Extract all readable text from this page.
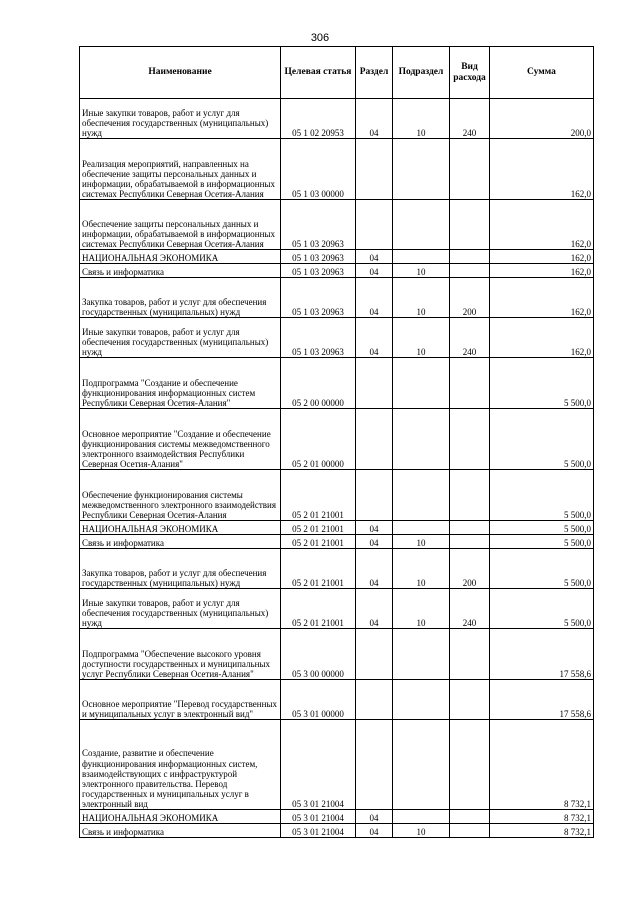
306
Наименование	Целевая статья	Раздел	Подраздел	Вид расхода	Сумма
Иные закупки товаров, работ и услуг для обеспечения государственных (муниципальных) нужд	05 1 02 20953	04	10	240	200,0
Реализация мероприятий, направленных на обеспечение защиты персональных данных и информации, обрабатываемой в информационных системах Республики Северная Осетия-Алания	05 1 03 00000				162,0
Обеспечение защиты персональных данных и информации, обрабатываемой в информационных системах Республики Северная Осетия-Алания	05 1 03 20963				162,0
НАЦИОНАЛЬНАЯ ЭКОНОМИКА	05 1 03 20963	04			162,0
Связь и информатика	05 1 03 20963	04	10		162,0
Закупка товаров, работ и услуг для обеспечения государственных (муниципальных) нужд	05 1 03 20963	04	10	200	162,0
Иные закупки товаров, работ и услуг для обеспечения государственных (муниципальных) нужд	05 1 03 20963	04	10	240	162,0
Подпрограмма "Создание и обеспечение функционирования информационных систем Республики Северная Осетия-Алания"	05 2 00 00000				5 500,0
Основное мероприятие "Создание и обеспечение функционирования системы межведомственного электронного взаимодействия Республики Северная Осетия-Алания"	05 2 01 00000				5 500,0
Обеспечение функционирования системы межведомственного электронного взаимодействия Республики Северная Осетия-Алания	05 2 01 21001				5 500,0
НАЦИОНАЛЬНАЯ ЭКОНОМИКА	05 2 01 21001	04			5 500,0
Связь и информатика	05 2 01 21001	04	10		5 500,0
Закупка товаров, работ и услуг для обеспечения государственных (муниципальных) нужд	05 2 01 21001	04	10	200	5 500,0
Иные закупки товаров, работ и услуг для обеспечения государственных (муниципальных) нужд	05 2 01 21001	04	10	240	5 500,0
Подпрограмма "Обеспечение высокого уровня доступности государственных и муниципальных услуг Республики Северная Осетия-Алания"	05 3 00 00000				17 558,6
Основное мероприятие "Перевод государственных и муниципальных услуг в электронный вид"	05 3 01 00000				17 558,6
Создание, развитие и обеспечение функционирования информационных систем, взаимодействующих с инфраструктурой электронного правительства. Перевод государственных и муниципальных услуг в электронный вид	05 3 01 21004				8 732,1
НАЦИОНАЛЬНАЯ ЭКОНОМИКА	05 3 01 21004	04			8 732,1
Связь и информатика	05 3 01 21004	04	10		8 732,1
